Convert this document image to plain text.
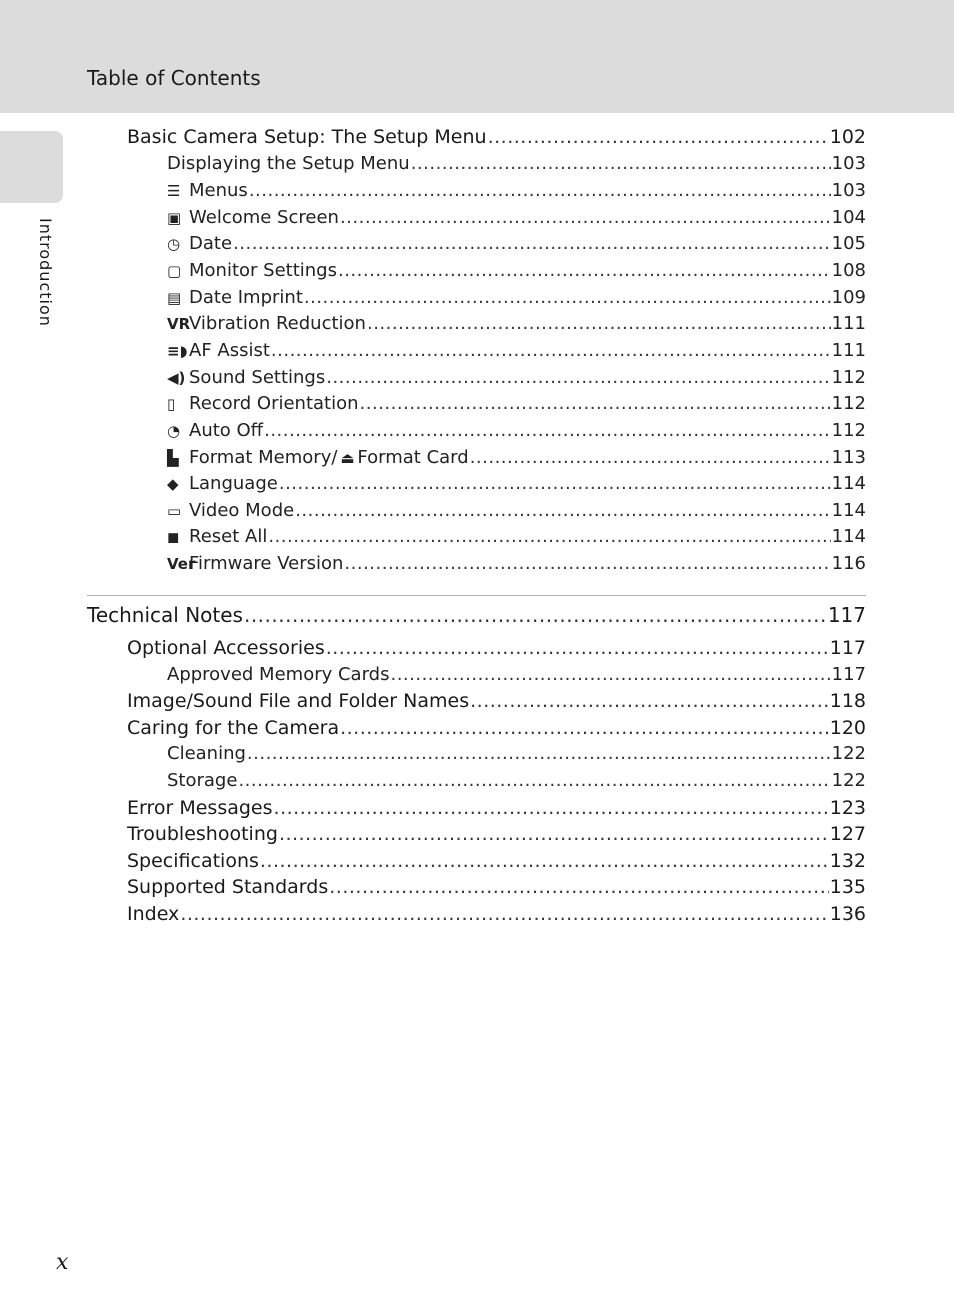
Table of Contents
Introduction
Basic Camera Setup: The Setup Menu .....	102
Displaying the Setup Menu .....	103
☰ Menus .....	103
▣ Welcome Screen .....	104
◷ Date .....	105
▢ Monitor Settings .....	108
▤ Date Imprint .....	109
VRVibration Reduction .....	111
≡◗AF Assist .....	111
◀) Sound Settings .....	112
▯ Record Orientation .....	112
◔ Auto Off .....	112
▙ Format Memory/ ⏏ Format Card .....	113
◆ Language .....	114
▭ Video Mode .....	114
◼ Reset All .....	114
VerFirmware Version .....	116
Technical Notes .....	117
Optional Accessories .....	117
Approved Memory Cards .....	117
Image/Sound File and Folder Names .....	118
Caring for the Camera .....	120
Cleaning .....	122
Storage .....	122
Error Messages .....	123
Troubleshooting .....	127
Specifications .....	132
Supported Standards .....	135
Index .....	136
x
